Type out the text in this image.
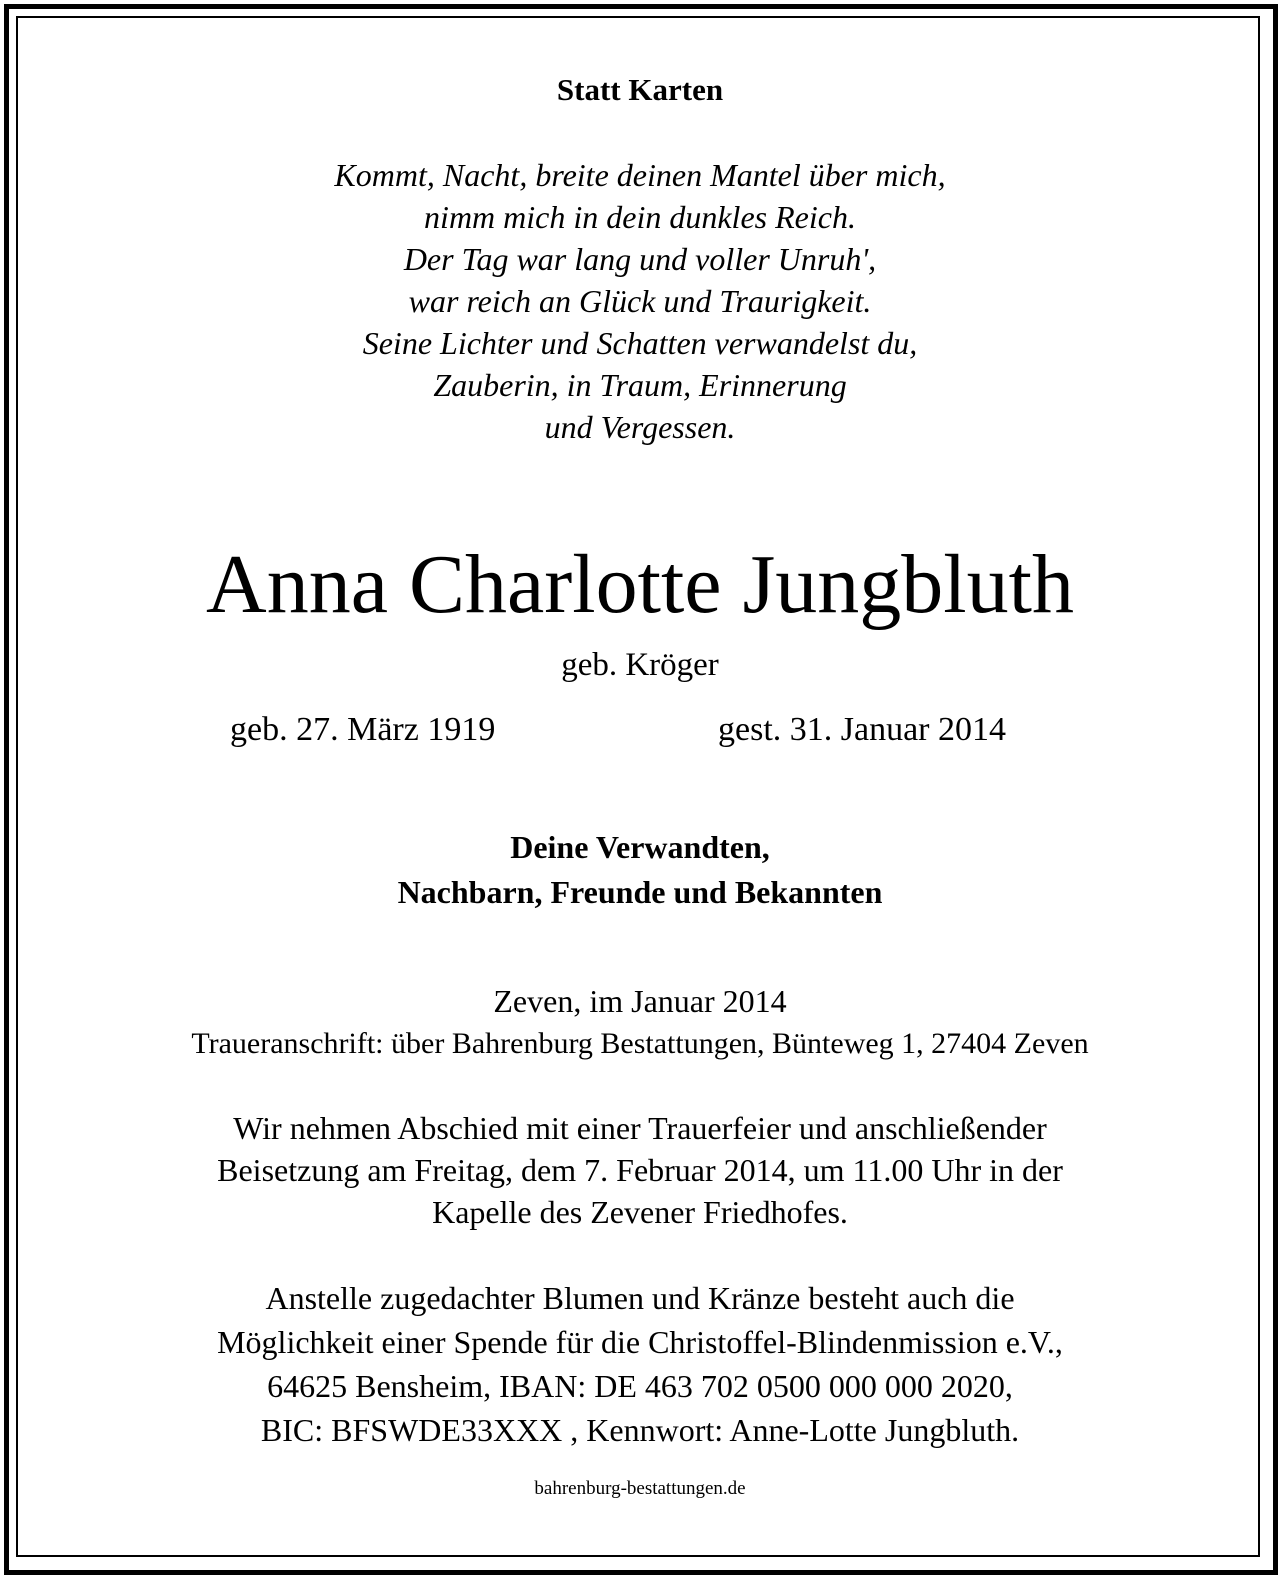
Statt Karten
Kommt, Nacht, breite deinen Mantel über mich,
nimm mich in dein dunkles Reich.
Der Tag war lang und voller Unruh',
war reich an Glück und Traurigkeit.
Seine Lichter und Schatten verwandelst du,
Zauberin, in Traum, Erinnerung
und Vergessen.
Anna Charlotte Jungbluth
geb. Kröger
geb. 27. März 1919	gest. 31. Januar 2014
Deine Verwandten,
Nachbarn, Freunde und Bekannten
Zeven, im Januar 2014
Traueranschrift: über Bahrenburg Bestattungen, Bünteweg 1, 27404 Zeven
Wir nehmen Abschied mit einer Trauerfeier und anschließender
Beisetzung am Freitag, dem 7. Februar 2014, um 11.00 Uhr in der
Kapelle des Zevener Friedhofes.
Anstelle zugedachter Blumen und Kränze besteht auch die
Möglichkeit einer Spende für die Christoffel-Blindenmission e.V.,
64625 Bensheim, IBAN: DE 463 702 0500 000 000 2020,
BIC: BFSWDE33XXX , Kennwort: Anne-Lotte Jungbluth.
bahrenburg-bestattungen.de
